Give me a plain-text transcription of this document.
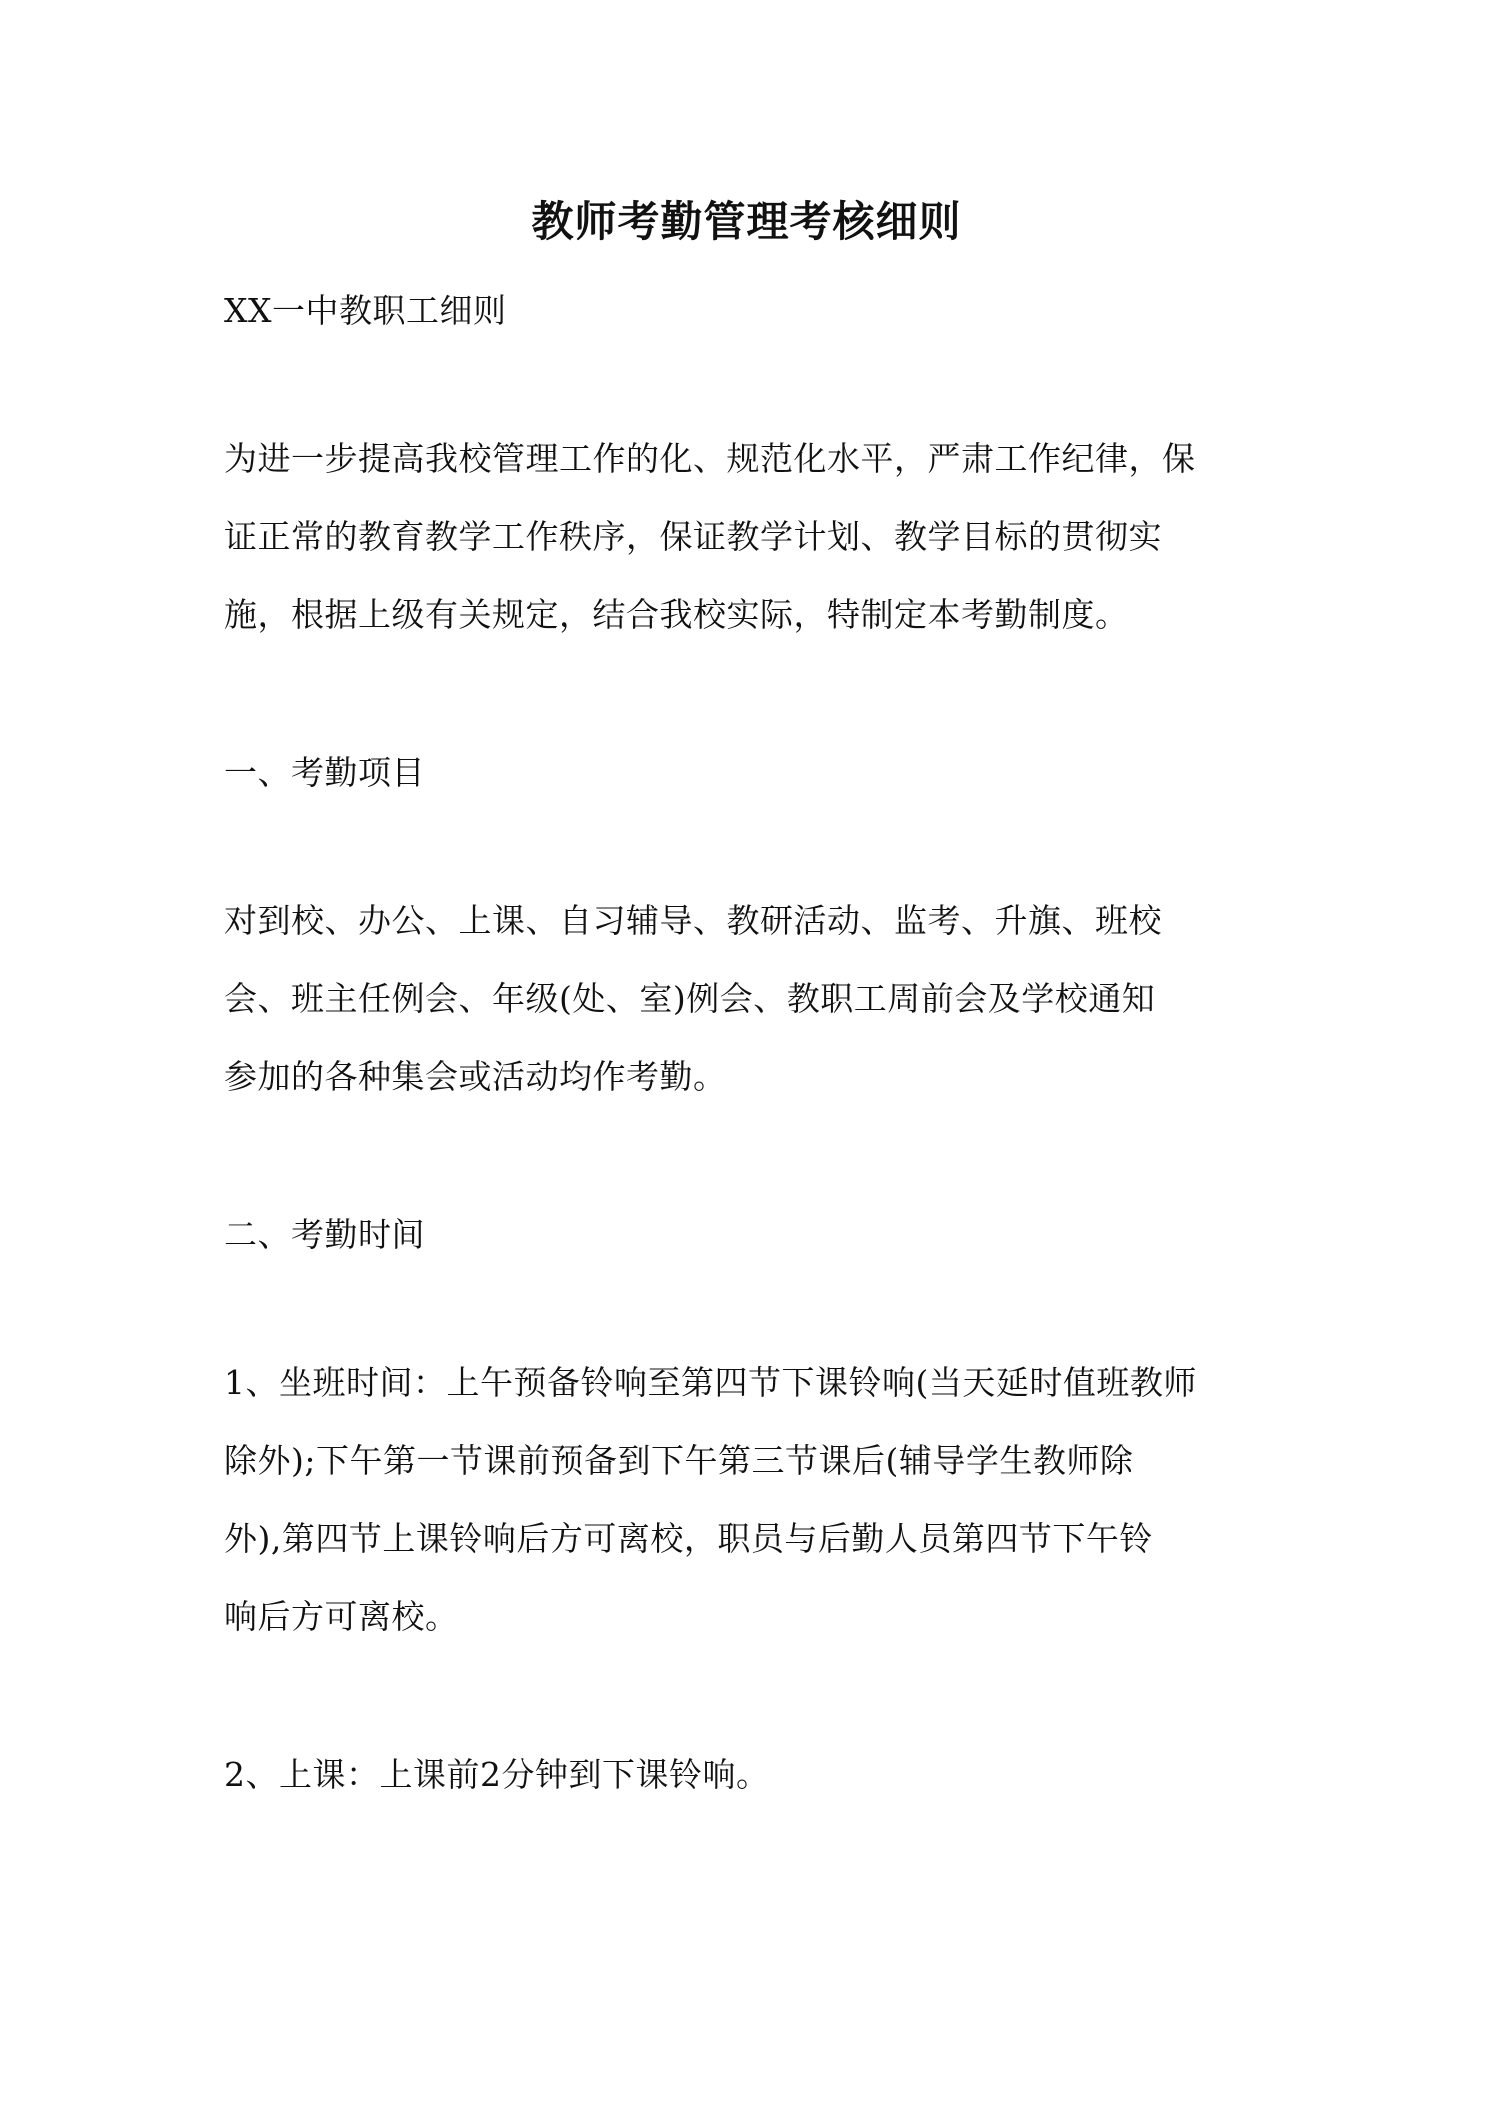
教师考勤管理考核细则
XX一中教职工细则
为进一步提高我校管理工作的化、规范化水平，严肃工作纪律，保
证正常的教育教学工作秩序，保证教学计划、教学目标的贯彻实
施，根据上级有关规定，结合我校实际，特制定本考勤制度。
一、考勤项目
对到校、办公、上课、自习辅导、教研活动、监考、升旗、班校
会、班主任例会、年级(处、室)例会、教职工周前会及学校通知
参加的各种集会或活动均作考勤。
二、考勤时间
1、坐班时间：上午预备铃响至第四节下课铃响(当天延时值班教师
除外);下午第一节课前预备到下午第三节课后(辅导学生教师除
外),第四节上课铃响后方可离校，职员与后勤人员第四节下午铃
响后方可离校。
2、上课：上课前2分钟到下课铃响。
